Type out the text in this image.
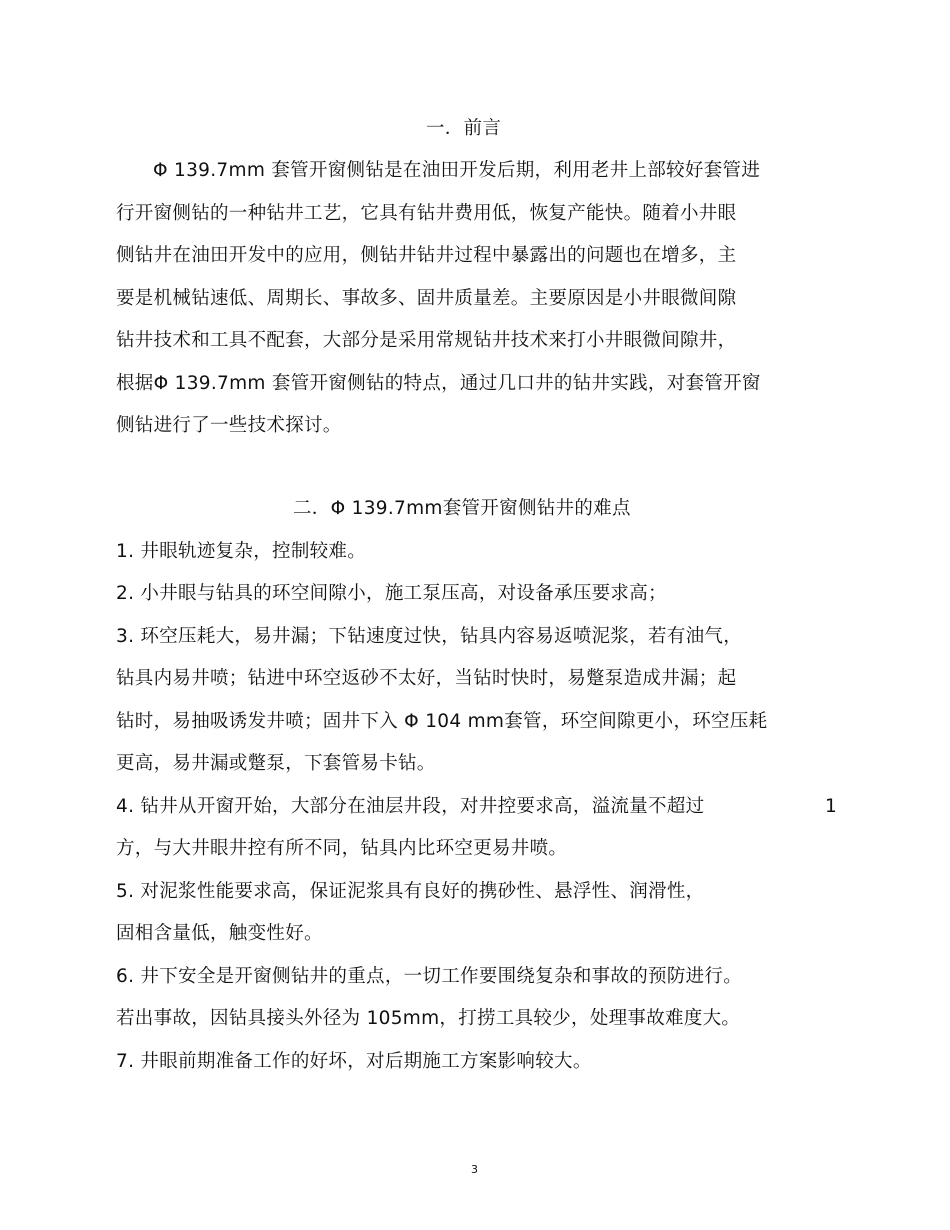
一．前言
Φ 139.7mm 套管开窗侧钻是在油田开发后期，利用老井上部较好套管进
行开窗侧钻的一种钻井工艺，它具有钻井费用低，恢复产能快。随着小井眼
侧钻井在油田开发中的应用，侧钻井钻井过程中暴露出的问题也在增多，主
要是机械钻速低、周期长、事故多、固井质量差。主要原因是小井眼微间隙
钻井技术和工具不配套，大部分是采用常规钻井技术来打小井眼微间隙井，
根据Φ 139.7mm 套管开窗侧钻的特点，通过几口井的钻井实践，对套管开窗
侧钻进行了一些技术探讨。
二．Φ 139.7mm套管开窗侧钻井的难点
1. 井眼轨迹复杂，控制较难。
2. 小井眼与钻具的环空间隙小，施工泵压高，对设备承压要求高；
3. 环空压耗大，易井漏；下钻速度过快，钻具内容易返喷泥浆，若有油气，
钻具内易井喷；钻进中环空返砂不太好，当钻时快时，易蹩泵造成井漏；起
钻时，易抽吸诱发井喷；固井下入 Φ 104 mm套管，环空间隙更小，环空压耗
更高，易井漏或蹩泵，下套管易卡钻。
4. 钻井从开窗开始，大部分在油层井段，对井控要求高，溢流量不超过	1
方，与大井眼井控有所不同，钻具内比环空更易井喷。
5. 对泥浆性能要求高，保证泥浆具有良好的携砂性、悬浮性、润滑性，
固相含量低，触变性好。
6. 井下安全是开窗侧钻井的重点，一切工作要围绕复杂和事故的预防进行。
若出事故，因钻具接头外径为 105mm，打捞工具较少，处理事故难度大。
7. 井眼前期准备工作的好坏，对后期施工方案影响较大。
3
